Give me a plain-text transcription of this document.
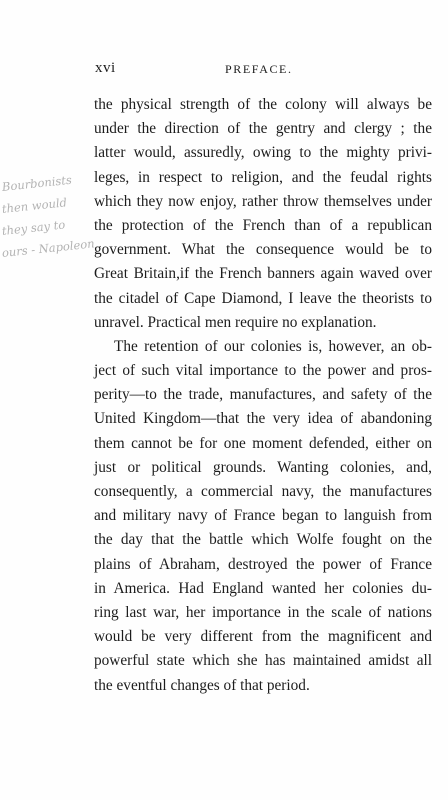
xvi	PREFACE.
Bourbonists
then would
they say to
ours - Napoleon
the physical strength of the colony will always be
under the direction of the gentry and clergy ; the
latter would, assuredly, owing to the mighty privi-
leges, in respect to religion, and the feudal rights
which they now enjoy, rather throw themselves under
the protection of the French than of a republican
government. What the consequence would be to
Great Britain,if the French banners again waved over
the citadel of Cape Diamond, I leave the theorists to
unravel. Practical men require no explanation.
The retention of our colonies is, however, an ob-
ject of such vital importance to the power and pros-
perity—to the trade, manufactures, and safety of the
United Kingdom—that the very idea of abandoning
them cannot be for one moment defended, either on
just or political grounds. Wanting colonies, and,
consequently, a commercial navy, the manufactures
and military navy of France began to languish from
the day that the battle which Wolfe fought on the
plains of Abraham, destroyed the power of France
in America. Had England wanted her colonies du-
ring last war, her importance in the scale of nations
would be very different from the magnificent and
powerful state which she has maintained amidst all
the eventful changes of that period.
